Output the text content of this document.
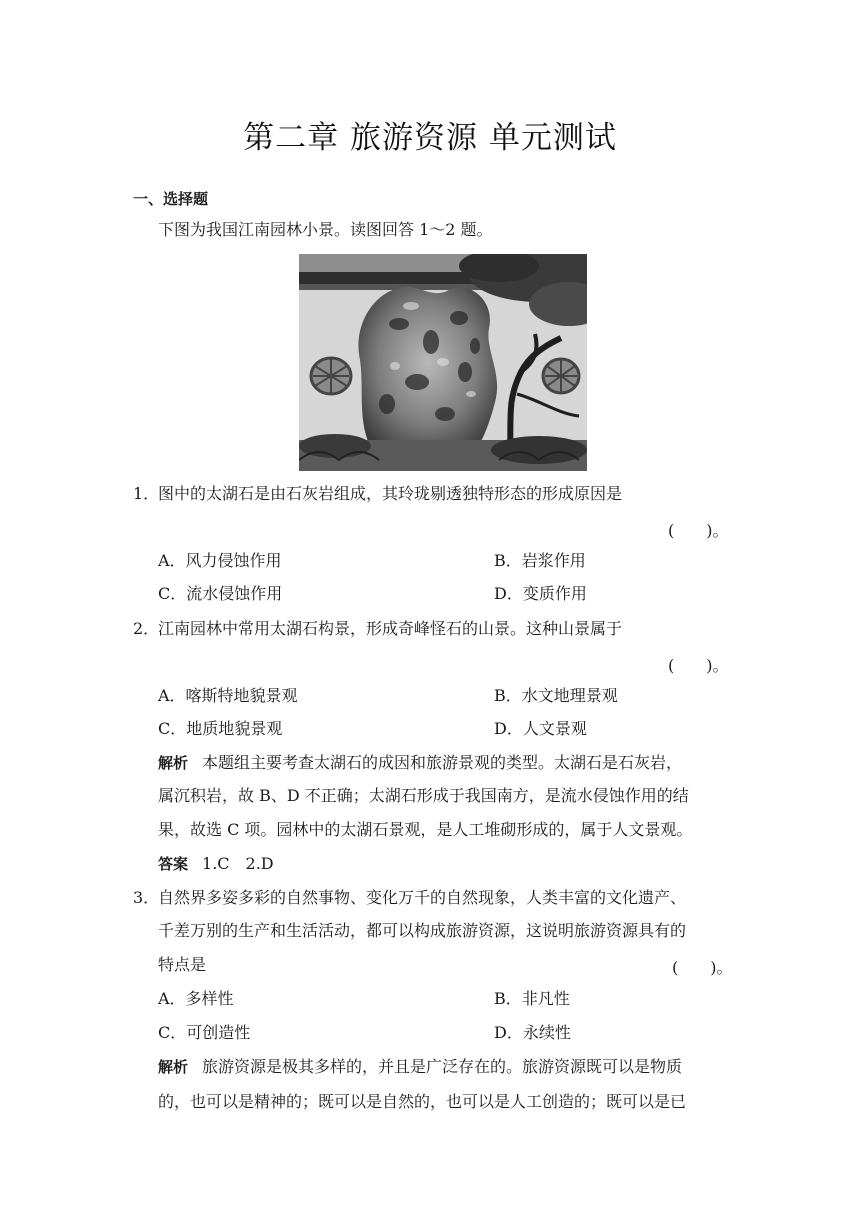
第二章 旅游资源 单元测试
一、选择题
下图为我国江南园林小景。读图回答 1～2 题。
1．
图中的太湖石是由石灰岩组成，其玲珑剔透独特形态的形成原因是
(　　)。
A．风力侵蚀作用	B．岩浆作用
C．流水侵蚀作用	D．变质作用
2．
江南园林中常用太湖石构景，形成奇峰怪石的山景。这种山景属于
(　　)。
A．喀斯特地貌景观	B．水文地理景观
C．地质地貌景观	D．人文景观
解析 本题组主要考查太湖石的成因和旅游景观的类型。太湖石是石灰岩，
属沉积岩，故 B、D 不正确；太湖石形成于我国南方，是流水侵蚀作用的结
果，故选 C 项。园林中的太湖石景观，是人工堆砌形成的，属于人文景观。
答案 1.C　2.D
3．
自然界多姿多彩的自然事物、变化万千的自然现象，人类丰富的文化遗产、
千差万别的生产和生活活动，都可以构成旅游资源，这说明旅游资源具有的
特点是	(　　)。
A．多样性	B．非凡性
C．可创造性	D．永续性
解析 旅游资源是极其多样的，并且是广泛存在的。旅游资源既可以是物质
的，也可以是精神的；既可以是自然的，也可以是人工创造的；既可以是已
